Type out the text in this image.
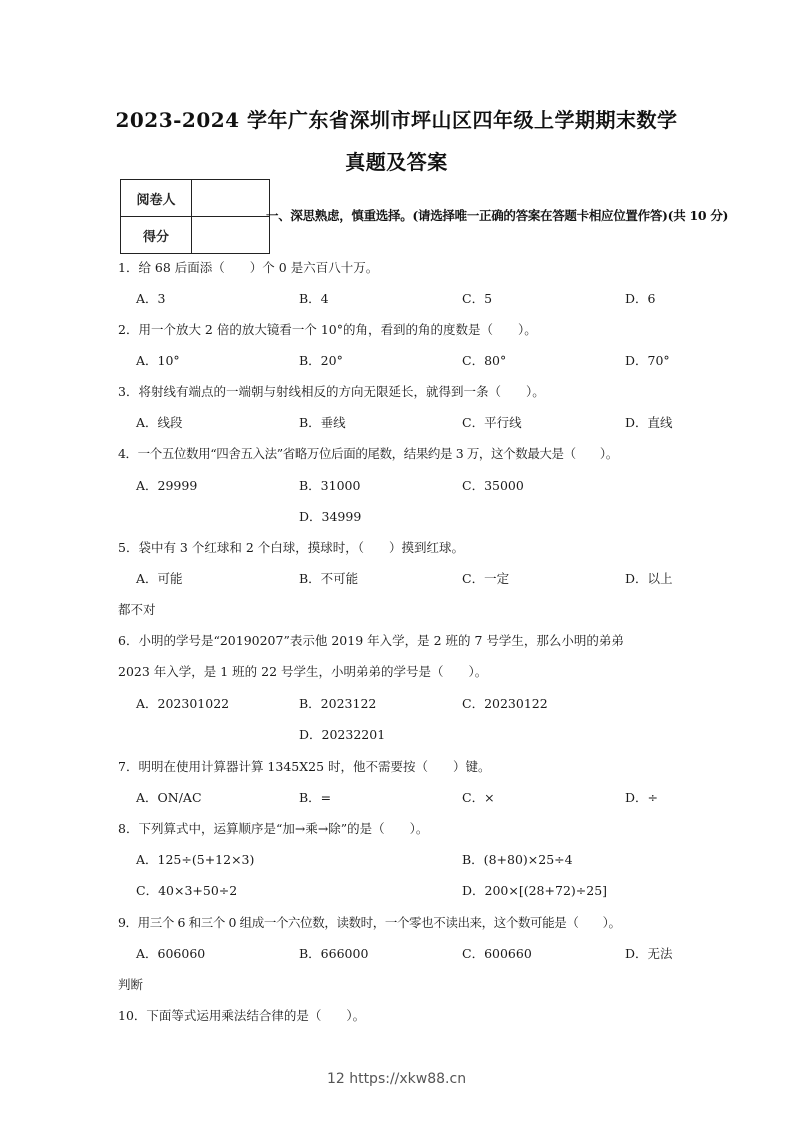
2023-2024 学年广东省深圳市坪山区四年级上学期期末数学
真题及答案
阅卷人	
得分	
一、深思熟虑，慎重选择。(请选择唯一正确的答案在答题卡相应位置作答)(共 10 分)
1．给 68 后面添（　　）个 0 是六百八十万。
A．3	B．4	C．5	D．6
2．用一个放大 2 倍的放大镜看一个 10°的角，看到的角的度数是（　　）。
A．10°	B．20°	C．80°	D．70°
3．将射线有端点的一端朝与射线相反的方向无限延长，就得到一条（　　）。
A．线段	B．垂线	C．平行线	D．直线
4．一个五位数用“四舍五入法”省略万位后面的尾数，结果约是 3 万，这个数最大是（　　）。
A．29999	B．31000	C．35000
D．34999
5．袋中有 3 个红球和 2 个白球，摸球时，（　　）摸到红球。
A．可能	B．不可能	C．一定	D．以上
都不对
6．小明的学号是“20190207”表示他 2019 年入学，是 2 班的 7 号学生，那么小明的弟弟
2023 年入学，是 1 班的 22 号学生，小明弟弟的学号是（　　）。
A．202301022	B．2023122	C．20230122
D．20232201
7．明明在使用计算器计算 1345X25 时，他不需要按（　　）键。
A．ON/AC	B．=	C．×	D．÷
8．下列算式中，运算顺序是“加→乘→除”的是（　　）。
A．125÷(5+12×3)	B．(8+80)×25÷4
C．40×3+50÷2	D．200×[(28+72)÷25]
9．用三个 6 和三个 0 组成一个六位数，读数时，一个零也不读出来，这个数可能是（　　）。
A．606060	B．666000	C．600660	D．无法
判断
10．下面等式运用乘法结合律的是（　　）。
12 https://xkw88.cn
